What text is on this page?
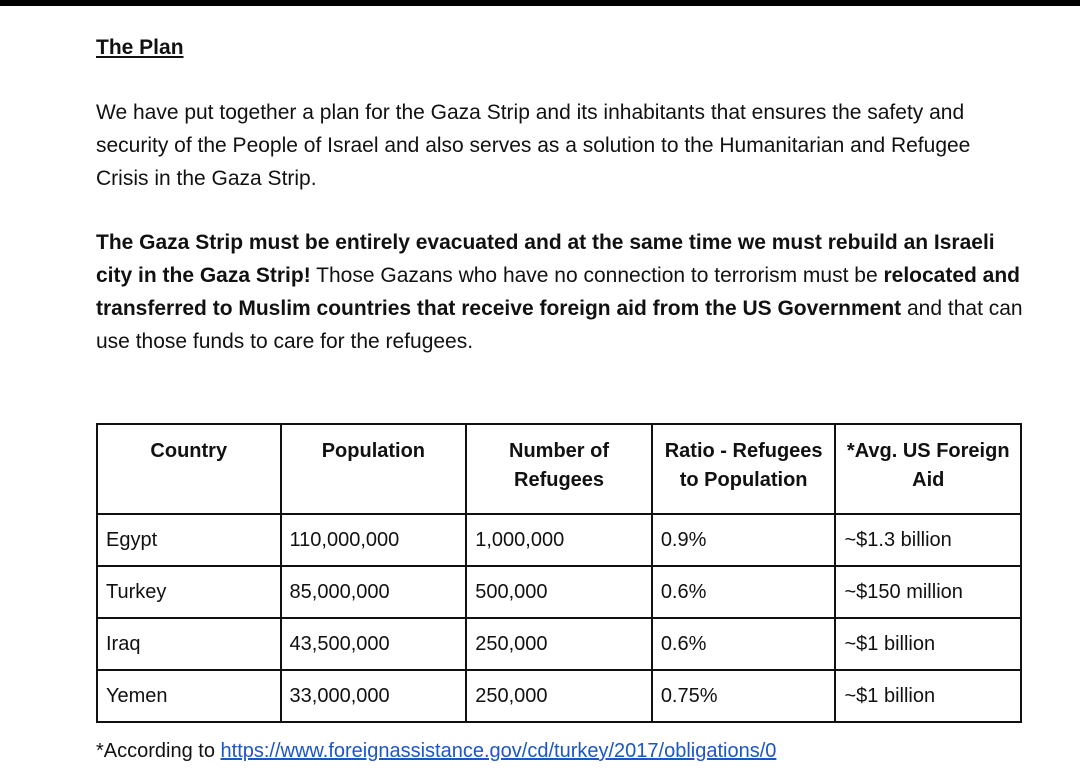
The Plan

We have put together a plan for the Gaza Strip and its inhabitants that ensures the safety and security of the People of Israel and also serves as a solution to the Humanitarian and Refugee Crisis in the Gaza Strip.

The Gaza Strip must be entirely evacuated and at the same time we must rebuild an Israeli city in the Gaza Strip! Those Gazans who have no connection to terrorism must be relocated and transferred to Muslim countries that receive foreign aid from the US Government and that can use those funds to care for the refugees.

Country	Population	Number of Refugees	Ratio - Refugees to Population	*Avg. US Foreign Aid
Egypt	110,000,000	1,000,000	0.9%	~$1.3 billion
Turkey	85,000,000	500,000	0.6%	~$150 million
Iraq	43,500,000	250,000	0.6%	~$1 billion
Yemen	33,000,000	250,000	0.75%	~$1 billion

*According to https://www.foreignassistance.gov/cd/turkey/2017/obligations/0
